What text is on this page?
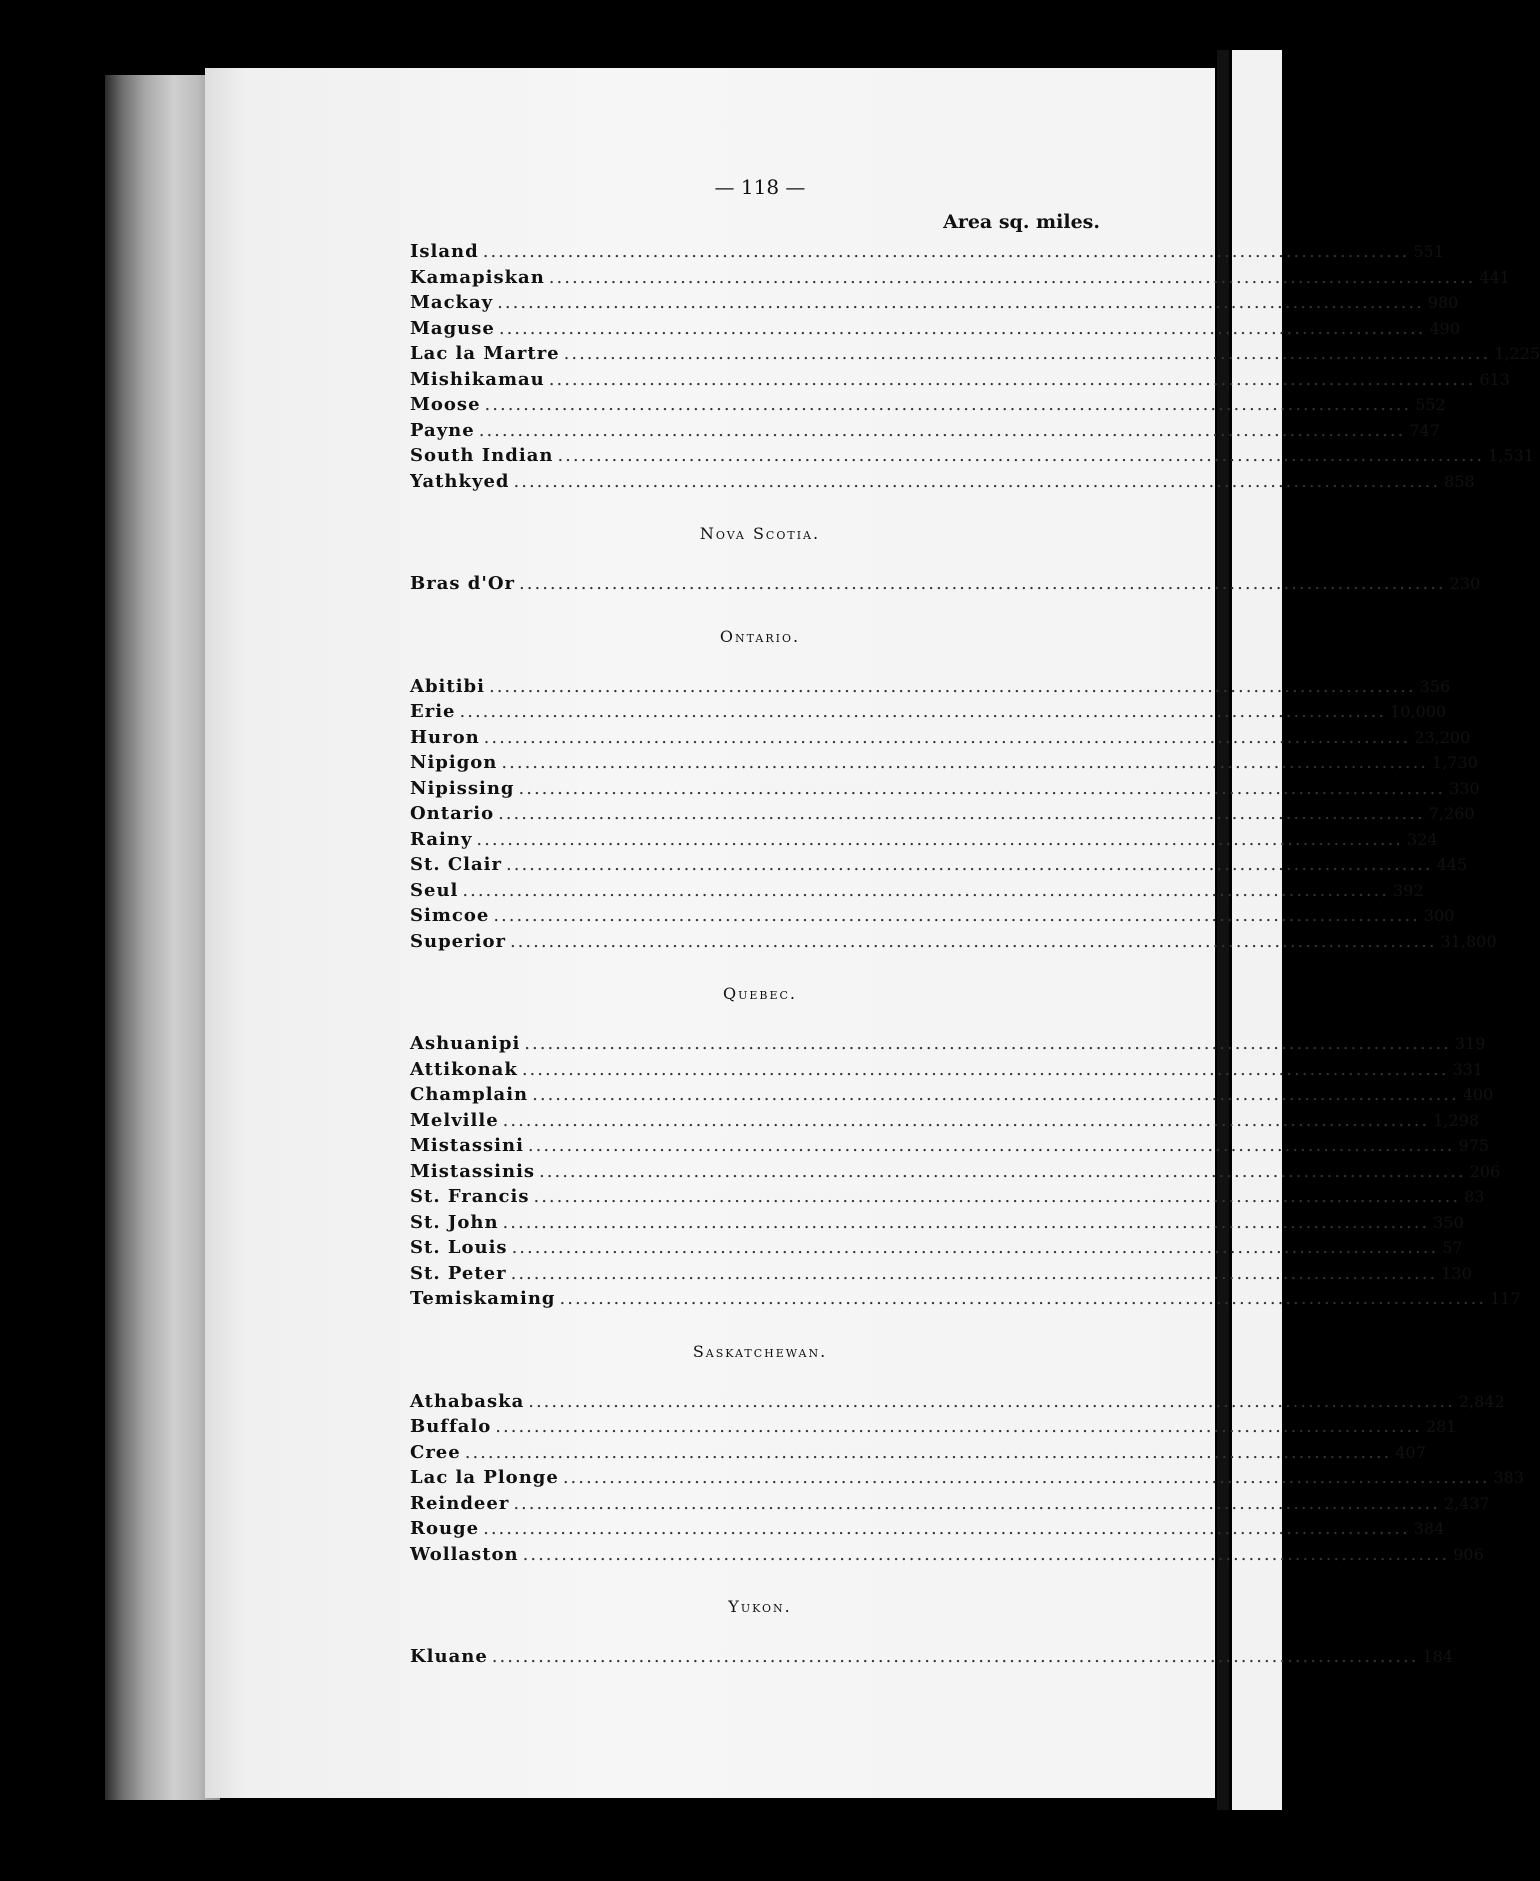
— 118 —
Area sq. miles.
Island ........................................................................................................................ 551
Kamapiskan ........................................................................................................................ 441
Mackay ........................................................................................................................ 980
Maguse ........................................................................................................................ 490
Lac la Martre ........................................................................................................................ 1,225
Mishikamau ........................................................................................................................ 613
Moose ........................................................................................................................ 552
Payne ........................................................................................................................ 747
South Indian ........................................................................................................................ 1,531
Yathkyed ........................................................................................................................ 858
Nova Scotia.
Bras d'Or ........................................................................................................................ 230
Ontario.
Abitibi ........................................................................................................................ 356
Erie ........................................................................................................................ 10,000
Huron ........................................................................................................................ 23,200
Nipigon ........................................................................................................................ 1,730
Nipissing ........................................................................................................................ 330
Ontario ........................................................................................................................ 7,260
Rainy ........................................................................................................................ 324
St. Clair ........................................................................................................................ 445
Seul ........................................................................................................................ 392
Simcoe ........................................................................................................................ 300
Superior ........................................................................................................................ 31,800
Quebec.
Ashuanipi ........................................................................................................................ 319
Attikonak ........................................................................................................................ 331
Champlain ........................................................................................................................ 400
Melville ........................................................................................................................ 1,298
Mistassini ........................................................................................................................ 975
Mistassinis ........................................................................................................................ 206
St. Francis ........................................................................................................................ 83
St. John ........................................................................................................................ 350
St. Louis ........................................................................................................................ 57
St. Peter ........................................................................................................................ 130
Temiskaming ........................................................................................................................ 117
Saskatchewan.
Athabaska ........................................................................................................................ 2,842
Buffalo ........................................................................................................................ 281
Cree ........................................................................................................................ 407
Lac la Plonge ........................................................................................................................ 383
Reindeer ........................................................................................................................ 2,437
Rouge ........................................................................................................................ 384
Wollaston ........................................................................................................................ 906
Yukon.
Kluane ........................................................................................................................ 184
